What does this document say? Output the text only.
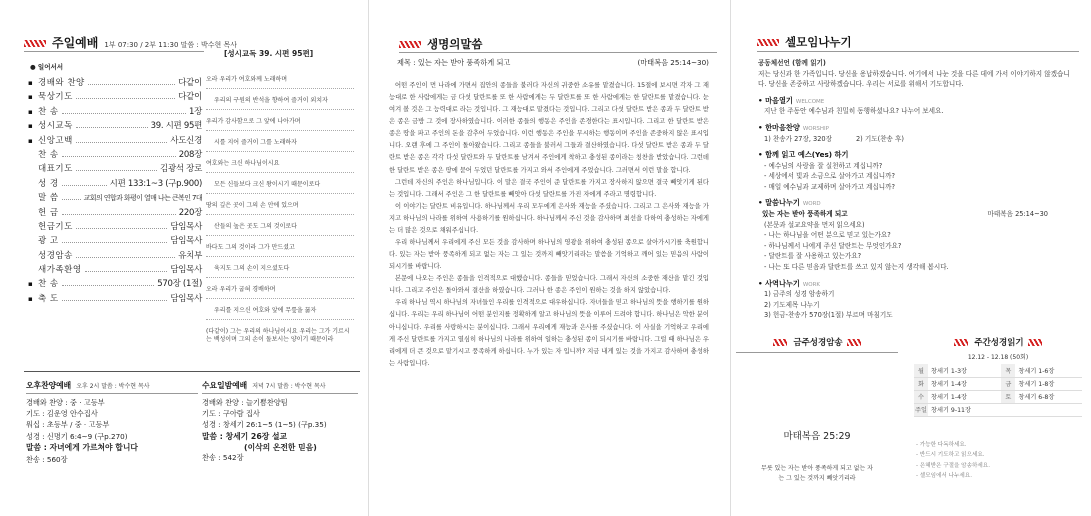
주일예배 1부 07:30 / 2부 11:30 말씀 : 박수현 목사
● 일어서서
▪ 경배와 찬양	다같이
▪ 묵상기도	다같이
▪ 찬 송	1장
▪ 성시교독	39. 시편 95편
▪ 신앙고백	사도신경
찬 송	208장
대표기도	김광석 장로
성 경	시편 133:1~3 (구p.900)
말 씀	교회의 연합과 화평이 열매 나는 큰복인 7대
헌 금	220장
헌금기도	담임목사
광 고	담임목사
성경암송	유치부
새가족환영	담임목사
▪ 찬 송	570장 (1절)
▪ 축 도	담임목사
[성시교독 39. 시편 95편]
오라 우리가 여호와께 노래하며
우리의 구원의 반석을 향하여 즐거이 외치자
우리가 감사함으로 그 앞에 나아가며
시를 지어 즐거이 그를 노래하자
여호와는 크신 하나님이시요
모든 신들보다 크신 왕이시기 때문이로다
땅의 깊은 곳이 그의 손 안에 있으며
산들의 높은 곳도 그의 것이로다
바다도 그의 것이라 그가 만드셨고
육지도 그의 손이 지으셨도다
오라 우리가 굽혀 경배하며
우리를 지으신 여호와 앞에 무릎을 꿇자
(다같이) 그는 우리의 하나님이시요 우리는 그가 기르시는 백성이며 그의 손이 돌보시는 양이기 때문이라
오후찬양예배 오후 2시 말씀 : 박수현 목사
경배와 찬양 : 중 · 고등부
기도 : 김운영 안수집사
워십 : 초등부 / 중 · 고등부
성경 : 신명기 6:4~9 (구p.270)
말씀 : 자녀에게 가르쳐야 합니다
찬송 : 560장
수요일밤예배 저녁 7시 말씀 : 박수현 목사
경배와 찬양 : 늘기쁨찬양팀
기도 : 구아람 집사
성경 : 창세기 26:1~5 (1~5) (구p.35)
말씀 : 창세기 26장 설교
(이삭의 온전한 믿음)
찬송 : 542장
생명의말씀
제목 : 있는 자는 받아 풍족하게 되고	(마태복음 25:14~30)

어떤 주인이 먼 나라에 가면서 집안의 종들을 불러다 자신의 귀중한 소유를 맡겼습니다. 15절에 보시면 각자 그 재능대로 한 사람에게는 금 다섯 달란트를 또 한 사람에게는 두 달란트를 또 한 사람에게는 한 달란트를 맡겼습니다. 눈여겨 볼 것은 그 능력대로 라는 것입니다. 그 재능대로 맡겼다는 것입니다. 그리고 다섯 달란트 받은 종과 두 달란트 받은 종은 금방 그 것에 장사하였습니다. 이러한 종들의 행동은 주인을 존경한다는 표시입니다. 그리고 한 달란트 받은 종은 땅을 파고 주인의 돈을 감추어 두었습니다. 이런 행동은 주인을 무시하는 행동이며 주인을 존중하지 않은 표시입니다. 오랜 후에 그 주인이 돌아왔습니다. 그리고 종들을 불러서 그들과 결산하였습니다. 다섯 달란트 받은 종과 두 달란트 받은 종은 각각 다섯 달란트와 두 달란트를 남겨서 주인에게 착하고 충성된 종이라는 칭찬을 받았습니다. 그런데 한 달란트 받은 종은 땅에 묻어 두었던 달란트를 가지고 와서 주인에게 주었습니다. 그러면서 이런 말을 합니다.

그런데 자신의 주인은 하나님입니다. 이 말은 결국 주인이 준 달란트를 가지고 장사하지 않으면 결국 빼앗기게 된다는 것입니다. 그래서 주인은 그 한 달란트를 빼앗아 다섯 달란트를 가진 자에게 주라고 명령합니다.

이 이야기는 달란트 비유입니다. 하나님께서 우리 모두에게 은사와 재능을 주셨습니다. 그리고 그 은사와 재능을 가지고 하나님의 나라를 위하여 사용하기를 원하십니다. 하나님께서 주신 것을 감사하며 최선을 다하여 충성하는 자에게는 더 많은 것으로 채워주십니다.

우리 하나님께서 우리에게 주신 모든 것을 감사하며 하나님의 영광을 위하여 충성된 종으로 살아가시기를 축원합니다. 있는 자는 받아 풍족하게 되고 없는 자는 그 있는 것까지 빼앗기리라는 말씀을 기억하고 깨어 있는 믿음의 사람이 되시기를 바랍니다.

본문에 나오는 주인은 종들을 인격적으로 대했습니다. 종들을 믿었습니다. 그래서 자신의 소중한 재산을 맡긴 것입니다. 그리고 주인은 돌아와서 결산을 하였습니다. 그러나 한 종은 주인이 원하는 것을 하지 않았습니다.

우리 하나님 역시 하나님의 자녀들인 우리를 인격적으로 대우하십니다. 자녀들을 믿고 하나님의 뜻을 행하기를 원하십니다. 우리는 우리 하나님이 어떤 분인지를 정확하게 알고 하나님의 뜻을 이루어 드려야 합니다. 하나님은 악한 분이 아니십니다. 우리를 사랑하시는 분이십니다. 그래서 우리에게 재능과 은사를 주셨습니다. 이 사실을 기억하고 우리에게 주신 달란트를 가지고 열심히 하나님의 나라를 위하여 일하는 충성된 종이 되시기를 바랍니다. 그럴 때 하나님은 우리에게 더 큰 것으로 맡기시고 풍족하게 하십니다. 누가 있는 자 입니까? 지금 내게 있는 것을 가지고 감사하며 충성하는 사람입니다.

셀모임나누기
공동체선언 (함께 읽기)
저는 당신과 한 가족입니다. 당신을 용납하겠습니다. 여기에서 나눈 것을 다른 데에 가서 이야기하지 않겠습니다. 당신을 존중하고 사랑하겠습니다. 우리는 서로를 위해서 기도합니다.
• 마음열기 WELCOME
지난 한 주동안 예수님과 친밀히 동행하셨나요? 나누어 보세요.
• 한마음찬양 WORSHIP
1) 찬송가 27장, 320장	2) 기도(찬송 후)
• 함께 읽고 예스(Yes) 하기
- 예수님의 사랑을 잘 실천하고 계십니까?
- 세상에서 빛과 소금으로 살아가고 계십니까?
- 매일 예수님과 교제하며 살아가고 계십니까?
• 말씀나누기 WORD
있는 자는 받아 풍족하게 되고	마태복음 25:14~30
(본문과 설교요약을 먼저 읽으세요)
- 나는 하나님을 어떤 분으로 믿고 있는가요?
- 하나님께서 나에게 주신 달란트는 무엇인가요?
- 달란트를 잘 사용하고 있는가요?
- 나는 또 다른 믿음과 달란트를 쓰고 있지 않는지 생각해 봅시다.
• 사역나누기 WORK
1) 금주의 성경 암송하기
2) 기도제목 나누기
3) 헌금-찬송가 570장(1절) 부르며 마침기도
금주성경암송
마태복음 25:29
무릇 있는 자는 받아 풍족하게 되고 없는 자는 그 있는 것까지 빼앗기리라
주간성경읽기
12.12 - 12.18 (50회)
월	창세기 1-3장	목	창세기 1-6장
화	창세기 1-4장	금	창세기 1-8장
수	창세기 1-4장	토	창세기 6-8장
주일	창세기 9-11장		
- 가능한 다독하세요.
- 반드시 기도하고 읽으세요.
- 은혜받은 구절을 암송하세요.
- 셀모임에서 나누세요.
